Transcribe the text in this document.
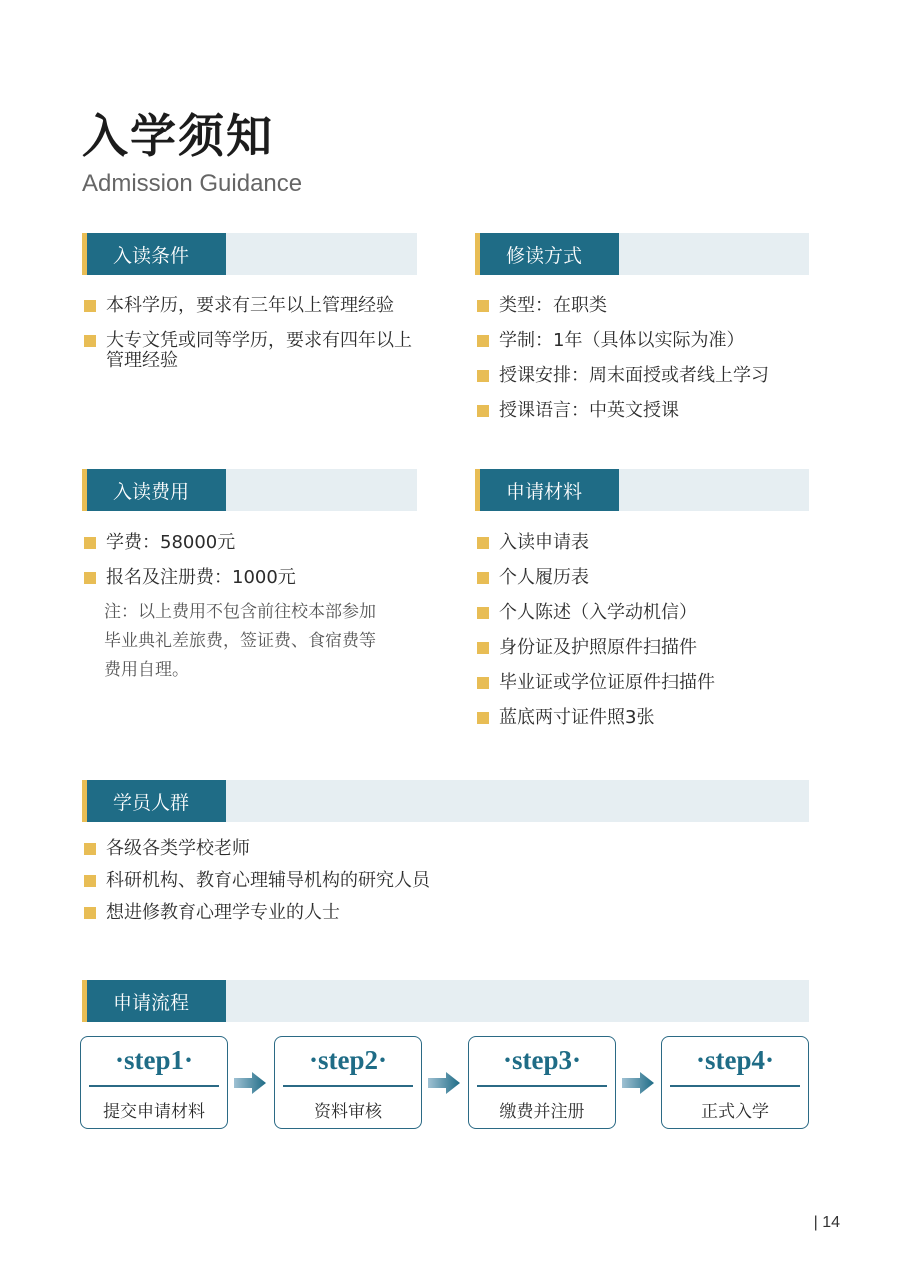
入学须知
Admission Guidance
入读条件
本科学历，要求有三年以上管理经验
大专文凭或同等学历，要求有四年以上
管理经验
修读方式
类型：在职类
学制：1年（具体以实际为准）
授课安排：周末面授或者线上学习
授课语言：中英文授课
入读费用
学费：58000元
报名及注册费：1000元
注：以上费用不包含前往校本部参加
毕业典礼差旅费，签证费、食宿费等
费用自理。
申请材料
入读申请表
个人履历表
个人陈述（入学动机信）
身份证及护照原件扫描件
毕业证或学位证原件扫描件
蓝底两寸证件照3张
学员人群
各级各类学校老师
科研机构、教育心理辅导机构的研究人员
想进修教育心理学专业的人士
申请流程
·step1·
提交申请材料
·step2·
资料审核
·step3·
缴费并注册
·step4·
正式入学
| 14
